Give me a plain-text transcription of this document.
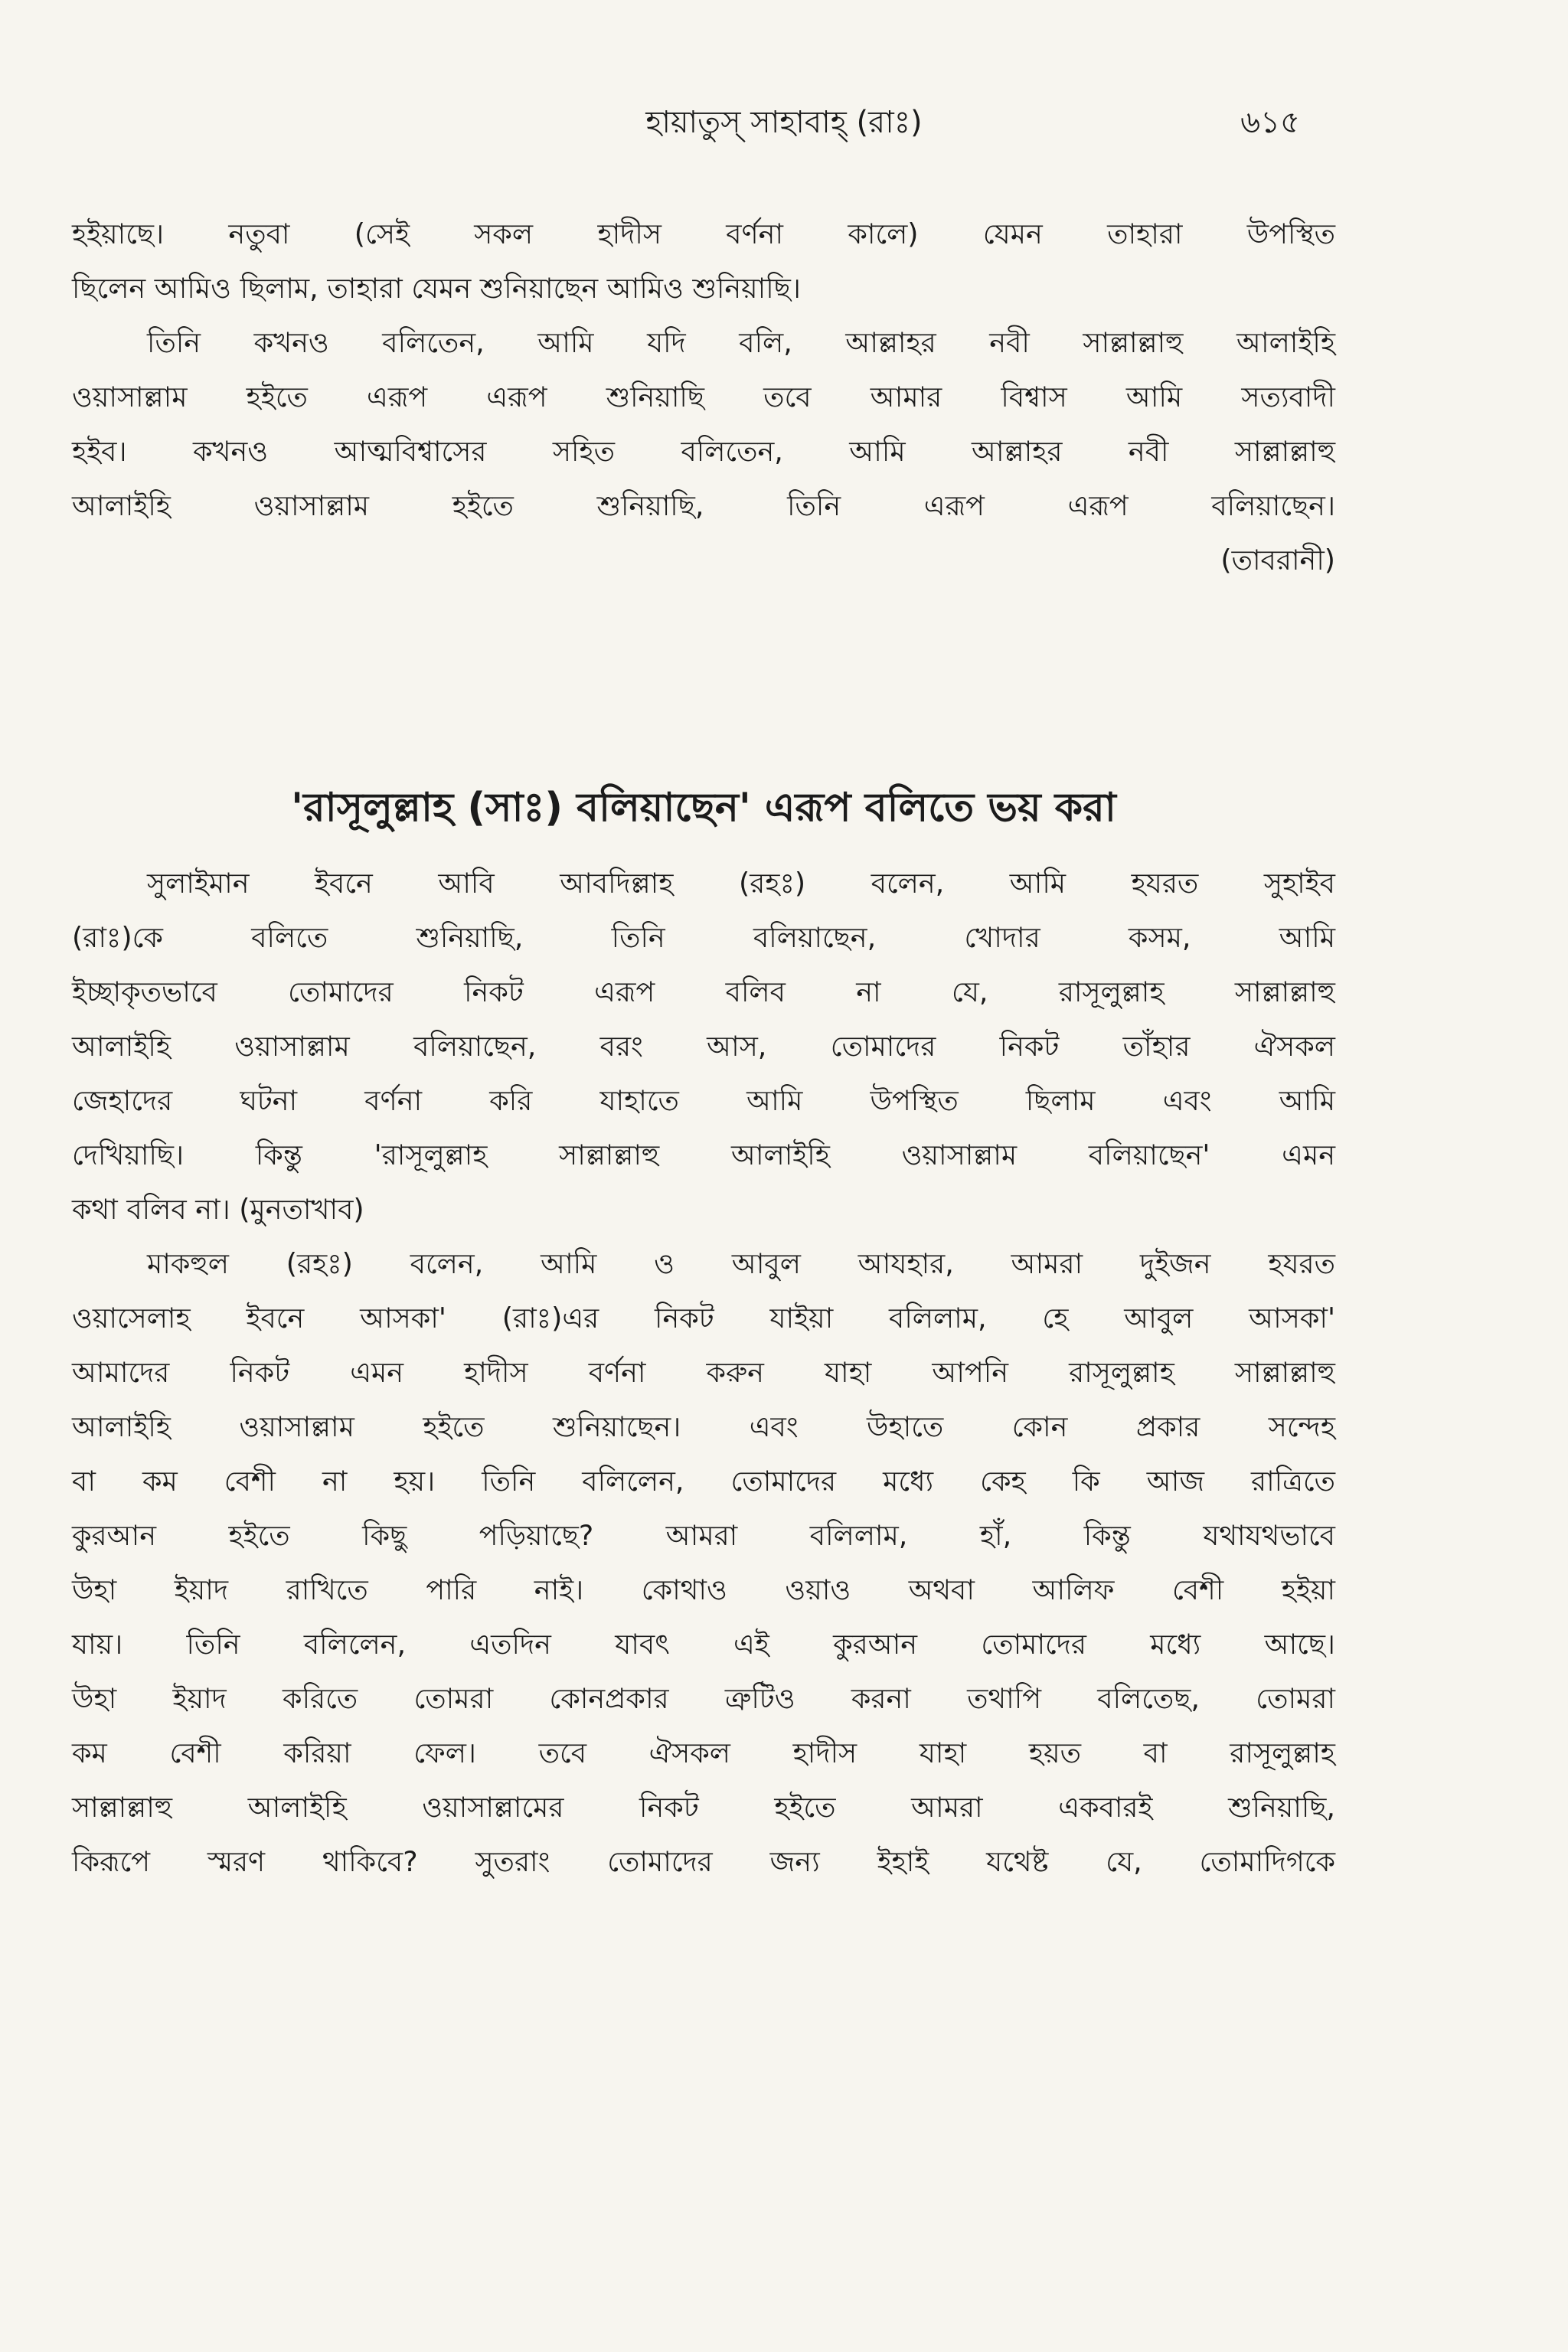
হায়াতুস্ সাহাবাহ্ (রাঃ)	৬১৫

হইয়াছে। নতুবা (সেই সকল হাদীস বর্ণনা কালে) যেমন তাহারা উপস্থিত
ছিলেন আমিও ছিলাম, তাহারা যেমন শুনিয়াছেন আমিও শুনিয়াছি।

তিনি কখনও বলিতেন, আমি যদি বলি, আল্লাহর নবী সাল্লাল্লাহু আলাইহি
ওয়াসাল্লাম হইতে এরূপ এরূপ শুনিয়াছি তবে আমার বিশ্বাস আমি সত্যবাদী
হইব। কখনও আত্মবিশ্বাসের সহিত বলিতেন, আমি আল্লাহর নবী সাল্লাল্লাহু
আলাইহি ওয়াসাল্লাম হইতে শুনিয়াছি, তিনি এরূপ এরূপ বলিয়াছেন।

(তাবরানী)
'রাসূলুল্লাহ (সাঃ) বলিয়াছেন' এরূপ বলিতে ভয় করা

সুলাইমান ইবনে আবি আবদিল্লাহ (রহঃ) বলেন, আমি হযরত সুহাইব
(রাঃ)কে বলিতে শুনিয়াছি, তিনি বলিয়াছেন, খোদার কসম, আমি
ইচ্ছাকৃতভাবে তোমাদের নিকট এরূপ বলিব না যে, রাসূলুল্লাহ সাল্লাল্লাহু
আলাইহি ওয়াসাল্লাম বলিয়াছেন, বরং আস, তোমাদের নিকট তাঁহার ঐসকল
জেহাদের ঘটনা বর্ণনা করি যাহাতে আমি উপস্থিত ছিলাম এবং আমি
দেখিয়াছি। কিন্তু 'রাসূলুল্লাহ সাল্লাল্লাহু আলাইহি ওয়াসাল্লাম বলিয়াছেন' এমন
কথা বলিব না। (মুনতাখাব)

মাকহুল (রহঃ) বলেন, আমি ও আবুল আযহার, আমরা দুইজন হযরত
ওয়াসেলাহ ইবনে আসকা' (রাঃ)এর নিকট যাইয়া বলিলাম, হে আবুল আসকা'
আমাদের নিকট এমন হাদীস বর্ণনা করুন যাহা আপনি রাসূলুল্লাহ সাল্লাল্লাহু
আলাইহি ওয়াসাল্লাম হইতে শুনিয়াছেন। এবং উহাতে কোন প্রকার সন্দেহ
বা কম বেশী না হয়। তিনি বলিলেন, তোমাদের মধ্যে কেহ কি আজ রাত্রিতে
কুরআন হইতে কিছু পড়িয়াছে? আমরা বলিলাম, হাঁ, কিন্তু যথাযথভাবে
উহা ইয়াদ রাখিতে পারি নাই। কোথাও ওয়াও অথবা আলিফ বেশী হইয়া
যায়। তিনি বলিলেন, এতদিন যাবৎ এই কুরআন তোমাদের মধ্যে আছে।
উহা ইয়াদ করিতে তোমরা কোনপ্রকার ত্রুটিও করনা তথাপি বলিতেছ, তোমরা
কম বেশী করিয়া ফেল। তবে ঐসকল হাদীস যাহা হয়ত বা রাসূলুল্লাহ
সাল্লাল্লাহু আলাইহি ওয়াসাল্লামের নিকট হইতে আমরা একবারই শুনিয়াছি,
কিরূপে স্মরণ থাকিবে? সুতরাং তোমাদের জন্য ইহাই যথেষ্ট যে, তোমাদিগকে
